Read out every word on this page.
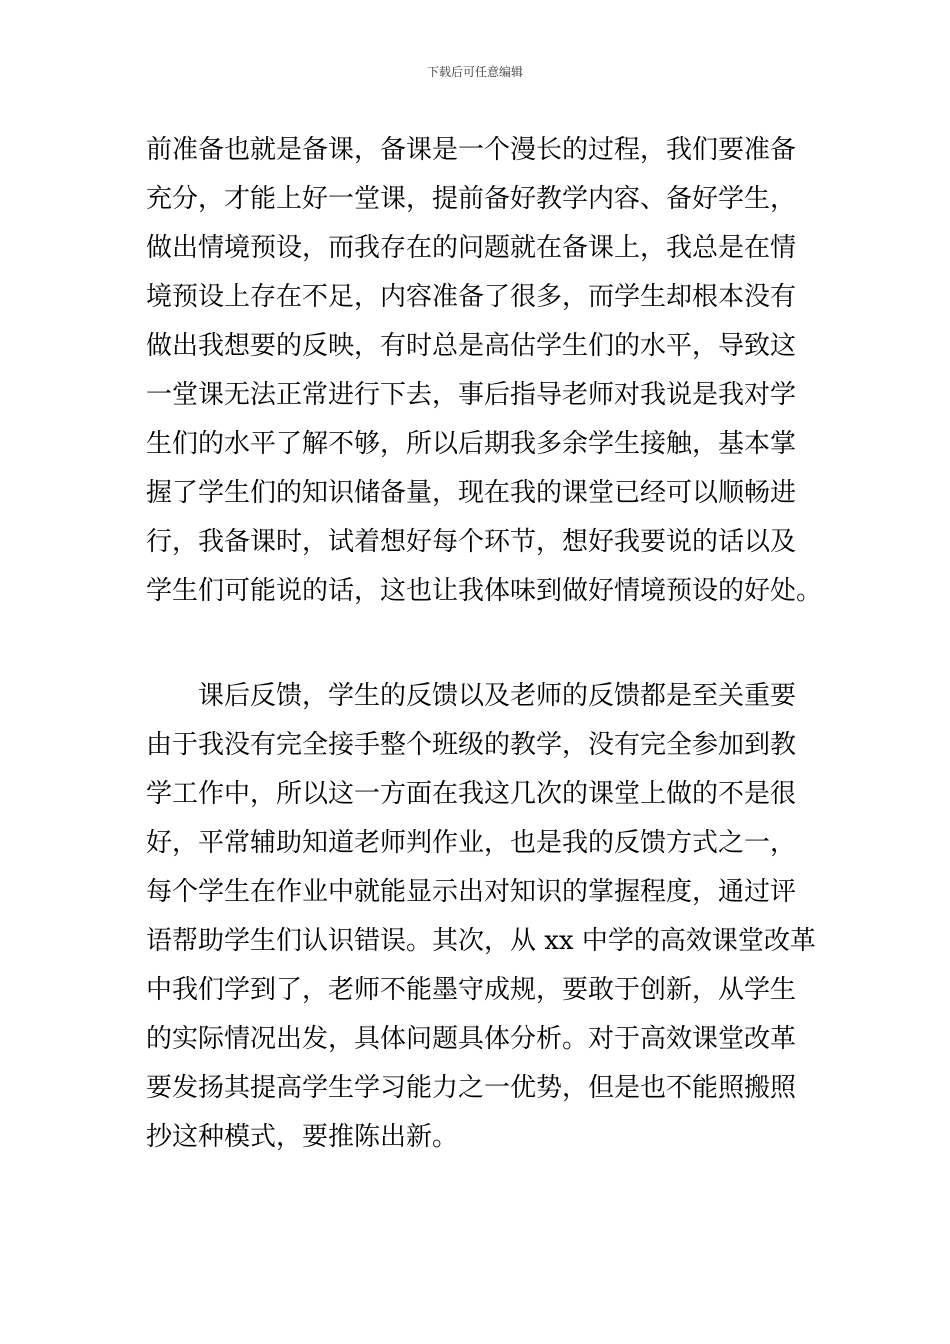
下载后可任意编辑
前准备也就是备课，备课是一个漫长的过程，我们要准备
充分，才能上好一堂课，提前备好教学内容、备好学生，
做出情境预设，而我存在的问题就在备课上，我总是在情
境预设上存在不足，内容准备了很多，而学生却根本没有
做出我想要的反映，有时总是高估学生们的水平，导致这
一堂课无法正常进行下去，事后指导老师对我说是我对学
生们的水平了解不够，所以后期我多余学生接触，基本掌
握了学生们的知识储备量，现在我的课堂已经可以顺畅进
行，我备课时，试着想好每个环节，想好我要说的话以及
学生们可能说的话，这也让我体味到做好情境预设的好处。
课后反馈，学生的反馈以及老师的反馈都是至关重要
由于我没有完全接手整个班级的教学，没有完全参加到教
学工作中，所以这一方面在我这几次的课堂上做的不是很
好，平常辅助知道老师判作业，也是我的反馈方式之一，
每个学生在作业中就能显示出对知识的掌握程度，通过评
语帮助学生们认识错误。其次，从 xx 中学的高效课堂改革
中我们学到了，老师不能墨守成规，要敢于创新，从学生
的实际情况出发，具体问题具体分析。对于高效课堂改革
要发扬其提高学生学习能力之一优势，但是也不能照搬照
抄这种模式，要推陈出新。
